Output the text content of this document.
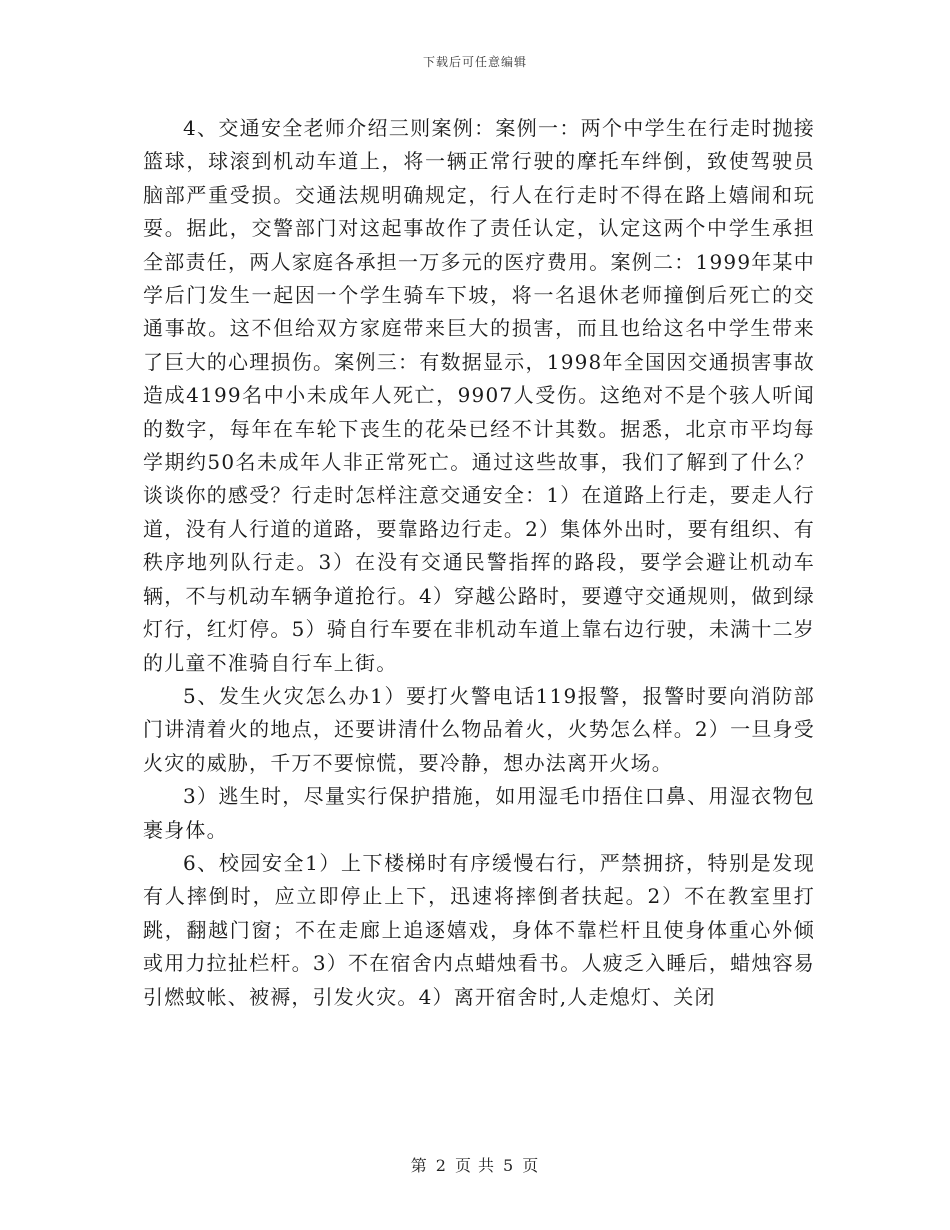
下载后可任意编辑

4、交通安全老师介绍三则案例：案例一：两个中学生在行走时抛接篮球，球滚到机动车道上，将一辆正常行驶的摩托车绊倒，致使驾驶员脑部严重受损。交通法规明确规定，行人在行走时不得在路上嬉闹和玩耍。据此，交警部门对这起事故作了责任认定，认定这两个中学生承担全部责任，两人家庭各承担一万多元的医疗费用。案例二：1999年某中学后门发生一起因一个学生骑车下坡，将一名退休老师撞倒后死亡的交通事故。这不但给双方家庭带来巨大的损害，而且也给这名中学生带来了巨大的心理损伤。案例三：有数据显示，1998年全国因交通损害事故造成4199名中小未成年人死亡，9907人受伤。这绝对不是个骇人听闻的数字，每年在车轮下丧生的花朵已经不计其数。据悉，北京市平均每学期约50名未成年人非正常死亡。通过这些故事，我们了解到了什么？谈谈你的感受？行走时怎样注意交通安全：1）在道路上行走，要走人行道，没有人行道的道路，要靠路边行走。2）集体外出时，要有组织、有秩序地列队行走。3）在没有交通民警指挥的路段，要学会避让机动车辆，不与机动车辆争道抢行。4）穿越公路时，要遵守交通规则，做到绿灯行，红灯停。5）骑自行车要在非机动车道上靠右边行驶，未满十二岁的儿童不准骑自行车上街。

5、发生火灾怎么办1）要打火警电话119报警，报警时要向消防部门讲清着火的地点，还要讲清什么物品着火，火势怎么样。2）一旦身受火灾的威胁，千万不要惊慌，要冷静，想办法离开火场。

3）逃生时，尽量实行保护措施，如用湿毛巾捂住口鼻、用湿衣物包裹身体。

6、校园安全1）上下楼梯时有序缓慢右行，严禁拥挤，特别是发现有人摔倒时，应立即停止上下，迅速将摔倒者扶起。2）不在教室里打跳，翻越门窗；不在走廊上追逐嬉戏，身体不靠栏杆且使身体重心外倾或用力拉扯栏杆。3）不在宿舍内点蜡烛看书。人疲乏入睡后，蜡烛容易引燃蚊帐、被褥，引发火灾。4）离开宿舍时,人走熄灯、关闭

第 2 页 共 5 页
